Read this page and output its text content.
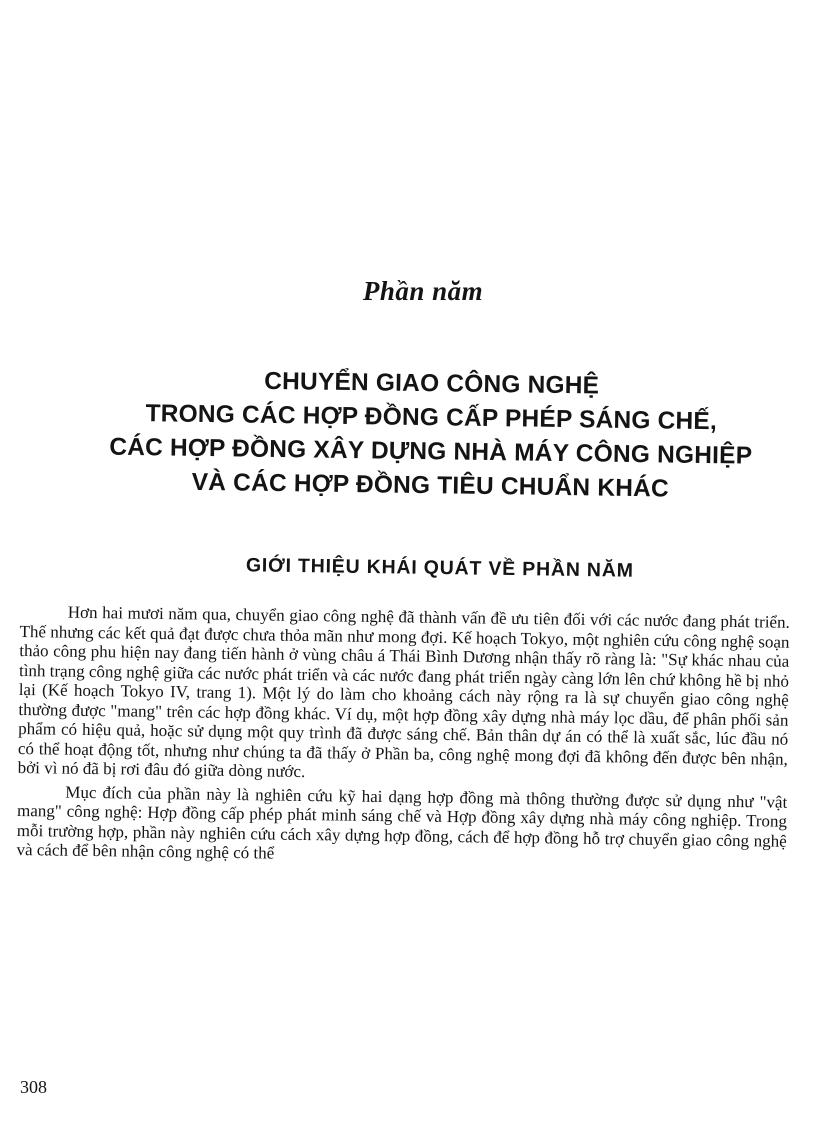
Phần năm
CHUYỂN GIAO CÔNG NGHỆ
TRONG CÁC HỢP ĐỒNG CẤP PHÉP SÁNG CHẾ,
CÁC HỢP ĐỒNG XÂY DỰNG NHÀ MÁY CÔNG NGHIỆP
VÀ CÁC HỢP ĐỒNG TIÊU CHUẨN KHÁC
GIỚI THIỆU KHÁI QUÁT VỀ PHẦN NĂM

Hơn hai mươi năm qua, chuyển giao công nghệ đã thành vấn đề ưu tiên đối với các nước đang phát triển. Thế nhưng các kết quả đạt được chưa thỏa mãn như mong đợi. Kế hoạch Tokyo, một nghiên cứu công nghệ soạn thảo công phu hiện nay đang tiến hành ở vùng châu á Thái Bình Dương nhận thấy rõ ràng là: "Sự khác nhau của tình trạng công nghệ giữa các nước phát triển và các nước đang phát triển ngày càng lớn lên chứ không hề bị nhỏ lại (Kế hoạch Tokyo IV, trang 1). Một lý do làm cho khoảng cách này rộng ra là sự chuyển giao công nghệ thường được "mang" trên các hợp đồng khác. Ví dụ, một hợp đồng xây dựng nhà máy lọc dầu, để phân phối sản phẩm có hiệu quả, hoặc sử dụng một quy trình đã được sáng chế. Bản thân dự án có thể là xuất sắc, lúc đầu nó có thể hoạt động tốt, nhưng như chúng ta đã thấy ở Phần ba, công nghệ mong đợi đã không đến được bên nhận, bởi vì nó đã bị rơi đâu đó giữa dòng nước.

Mục đích của phần này là nghiên cứu kỹ hai dạng hợp đồng mà thông thường được sử dụng như "vật mang" công nghệ: Hợp đồng cấp phép phát minh sáng chế và Hợp đồng xây dựng nhà máy công nghiệp. Trong mỗi trường hợp, phần này nghiên cứu cách xây dựng hợp đồng, cách để hợp đồng hỗ trợ chuyển giao công nghệ và cách để bên nhận công nghệ có thể

308
